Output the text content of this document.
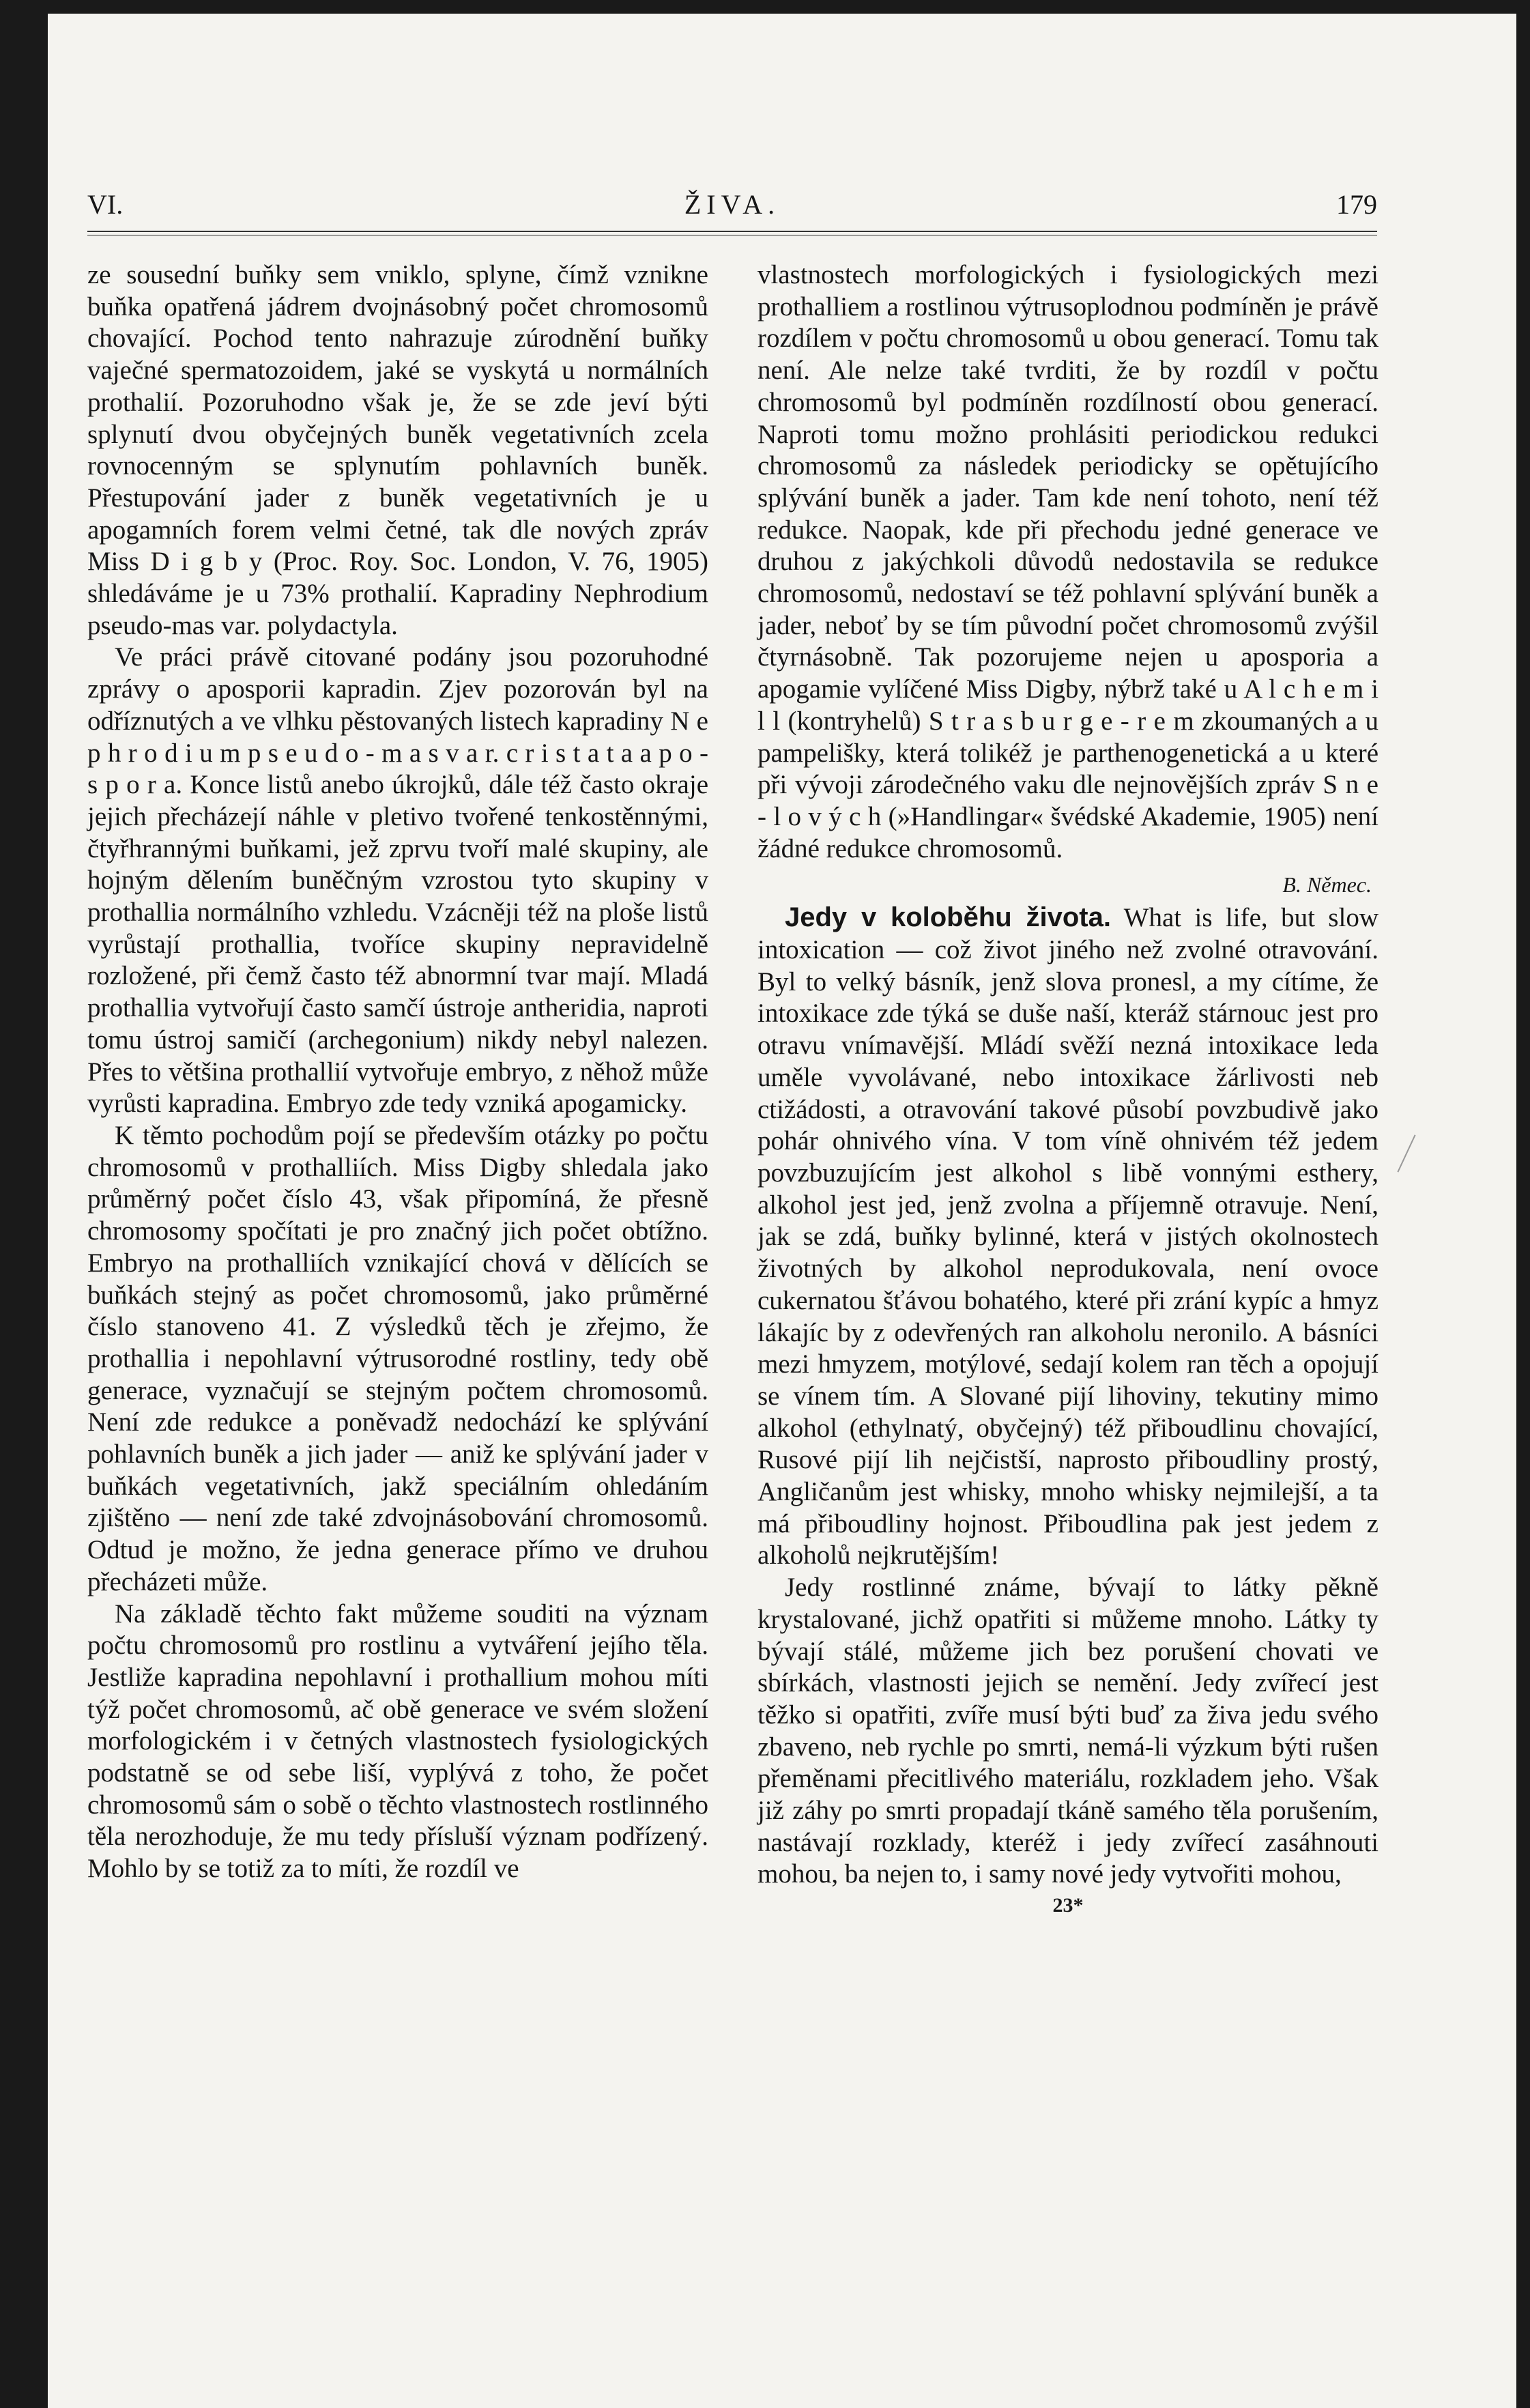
VI.	ŽIVA.	179

ze sousední buňky sem vniklo, splyne, čímž vznikne buňka opatřená jádrem dvojnásobný počet chromosomů chovající. Pochod tento nahrazuje zúrodnění buňky vaječné spermatozoidem, jaké se vyskytá u normálních prothalií. Pozoruhodno však je, že se zde jeví býti splynutí dvou obyčejných buněk vegetativních zcela rovnocenným se splynutím pohlavních buněk. Přestupování jader z buněk vegetativních je u apogamních forem velmi četné, tak dle nových zpráv Miss D i g b y (Proc. Roy. Soc. London, V. 76, 1905) shledáváme je u 73% prothalií. Kapradiny Nephrodium pseudo-mas var. polydactyla.

Ve práci právě citované podány jsou pozoruhodné zprávy o aposporii kapradin. Zjev pozorován byl na odříznutých a ve vlhku pěstovaných listech kapradiny N e p h r o d i u m p s e u d o - m a s v a r. c r i s t a t a a p o - s p o r a. Konce listů anebo úkrojků, dále též často okraje jejich přecházejí náhle v pletivo tvořené tenkostěnnými, čtyřhrannými buňkami, jež zprvu tvoří malé skupiny, ale hojným dělením buněčným vzrostou tyto skupiny v prothallia normálního vzhledu. Vzácněji též na ploše listů vyrůstají prothallia, tvoříce skupiny nepravidelně rozložené, při čemž často též abnormní tvar mají. Mladá prothallia vytvořují často samčí ústroje antheridia, naproti tomu ústroj samičí (archegonium) nikdy nebyl nalezen. Přes to většina prothallií vytvořuje embryo, z něhož může vyrůsti kapradina. Embryo zde tedy vzniká apogamicky.

K těmto pochodům pojí se především otázky po počtu chromosomů v prothalliích. Miss Digby shledala jako průměrný počet číslo 43, však připomíná, že přesně chromosomy spočítati je pro značný jich počet obtížno. Embryo na prothalliích vznikající chová v dělících se buňkách stejný as počet chromosomů, jako průměrné číslo stanoveno 41. Z výsledků těch je zřejmo, že prothallia i nepohlavní výtrusorodné rostliny, tedy obě generace, vyznačují se stejným počtem chromosomů. Není zde redukce a poněvadž nedochází ke splývání pohlavních buněk a jich jader — aniž ke splývání jader v buňkách vegetativních, jakž speciálním ohledáním zjištěno — není zde také zdvojnásobování chromosomů. Odtud je možno, že jedna generace přímo ve druhou přecházeti může.

Na základě těchto fakt můžeme souditi na význam počtu chromosomů pro rostlinu a vytváření jejího těla. Jestliže kapradina nepohlavní i prothallium mohou míti týž počet chromosomů, ač obě generace ve svém složení morfologickém i v četných vlastnostech fysiologických podstatně se od sebe liší, vyplývá z toho, že počet chromosomů sám o sobě o těchto vlastnostech rostlinného těla nerozhoduje, že mu tedy přísluší význam podřízený. Mohlo by se totiž za to míti, že rozdíl ve

vlastnostech morfologických i fysiologických mezi prothalliem a rostlinou výtrusoplodnou podmíněn je právě rozdílem v počtu chromosomů u obou generací. Tomu tak není. Ale nelze také tvrditi, že by rozdíl v počtu chromosomů byl podmíněn rozdílností obou generací. Naproti tomu možno prohlásiti periodickou redukci chromosomů za následek periodicky se opětujícího splývání buněk a jader. Tam kde není tohoto, není též redukce. Naopak, kde při přechodu jedné generace ve druhou z jakýchkoli důvodů nedostavila se redukce chromosomů, nedostaví se též pohlavní splývání buněk a jader, neboť by se tím původní počet chromosomů zvýšil čtyrnásobně. Tak pozorujeme nejen u aposporia a apogamie vylíčené Miss Digby, nýbrž také u A l c h e m i l l (kontryhelů) S t r a s b u r g e - r e m zkoumaných a u pampelišky, která tolikéž je parthenogenetická a u které při vývoji zárodečného vaku dle nejnovějších zpráv S n e - l o v ý c h (»Handlingar« švédské Akademie, 1905) není žádné redukce chromosomů.

B. Němec.

Jedy v koloběhu života. What is life, but slow intoxication — což život jiného než zvolné otravování. Byl to velký básník, jenž slova pronesl, a my cítíme, že intoxikace zde týká se duše naší, kteráž stárnouc jest pro otravu vnímavější. Mládí svěží nezná intoxikace leda uměle vyvolávané, nebo intoxikace žárlivosti neb ctižádosti, a otravování takové působí povzbudivě jako pohár ohnivého vína. V tom víně ohnivém též jedem povzbuzujícím jest alkohol s libě vonnými esthery, alkohol jest jed, jenž zvolna a příjemně otravuje. Není, jak se zdá, buňky bylinné, která v jistých okolnostech životných by alkohol neprodukovala, není ovoce cukernatou šťávou bohatého, které při zrání kypíc a hmyz lákajíc by z odevřených ran alkoholu neronilo. A básníci mezi hmyzem, motýlové, sedají kolem ran těch a opojují se vínem tím. A Slované pijí lihoviny, tekutiny mimo alkohol (ethylnatý, obyčejný) též přiboudlinu chovající, Rusové pijí lih nejčistší, naprosto přiboudliny prostý, Angličanům jest whisky, mnoho whisky nejmilejší, a ta má přiboudliny hojnost. Přiboudlina pak jest jedem z alkoholů nejkrutějším!

Jedy rostlinné známe, bývají to látky pěkně krystalované, jichž opatřiti si můžeme mnoho. Látky ty bývají stálé, můžeme jich bez porušení chovati ve sbírkách, vlastnosti jejich se nemění. Jedy zvířecí jest těžko si opatřiti, zvíře musí býti buď za živa jedu svého zbaveno, neb rychle po smrti, nemá-li výzkum býti rušen přeměnami přecitlivého materiálu, rozkladem jeho. Však již záhy po smrti propadají tkáně samého těla porušením, nastávají rozklady, kteréž i jedy zvířecí zasáhnouti mohou, ba nejen to, i samy nové jedy vytvořiti mohou,

23*
